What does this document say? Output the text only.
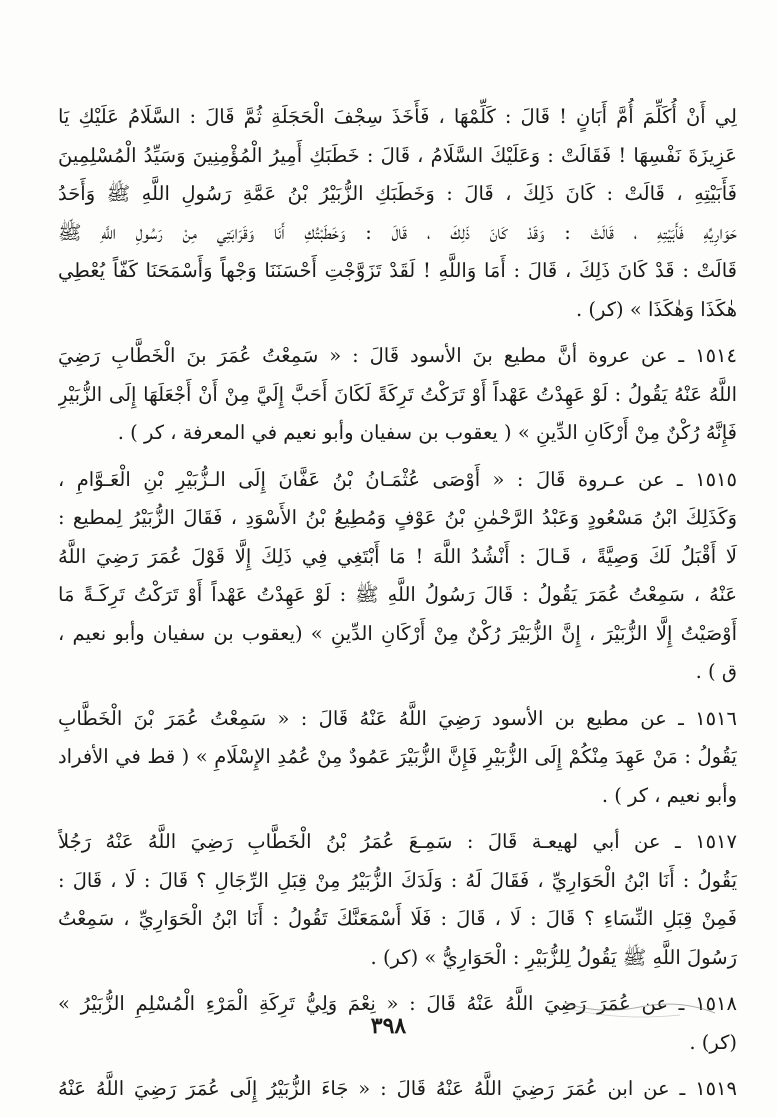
لِي أَنْ أُكَلِّمَ أُمَّ أَبَانٍ ! قَالَ : كَلِّمْهَا ، فَأَخَذَ سِجْفَ الْحَجَلَةِ ثُمَّ قَالَ : السَّلَامُ عَلَيْكِ يَا
عَزِيزَةَ نَفْسِهَا ! فَقَالَتْ : وَعَلَيْكَ السَّلَامُ ، قَالَ : خَطَبَكِ أَمِيرُ الْمُؤْمِنِينَ وَسَيِّدُ الْمُسْلِمِينَ
فَأَبَيْتِهِ ، قَالَتْ : كَانَ ذَلِكَ ، قَالَ : وَخَطَبَكِ الزُّبَيْرُ بْنُ عَمَّةِ رَسُولِ اللَّهِ ﷺ وَأَحَدُ
حَوَارِيِّهِ فَأَبَيْتِهِ ، قَالَتْ : وَقَدْ كَانَ ذَلِكَ ، قَالَ : وَخَطَبْتُكِ أَنَا وَقَرَابَتِي مِنْ رَسُولِ اللَّهِ ﷺ
قَالَتْ : قَدْ كَانَ ذَلِكَ ، قَالَ : أَمَا وَاللَّهِ ! لَقَدْ تَزَوَّجْتِ أَحْسَنَنَا وَجْهاً وَأَسْمَحَنَا كَفّاً يُعْطِي
هٰكَذَا وَهٰكَذَا » (كر) .
١٥١٤ ـ عن عروة أنَّ مطيع بنَ الأسود قَالَ : « سَمِعْتُ عُمَرَ بنَ الْخَطَّابِ رَضِيَ
اللَّهُ عَنْهُ يَقُولُ : لَوْ عَهِدْتُ عَهْداً أَوْ تَرَكْتُ تَرِكَةً لَكَانَ أَحَبَّ إِلَيَّ مِنْ أَنْ أَجْعَلَهَا إِلَى الزُّبَيْرِ
فَإِنَّهُ رُكْنٌ مِنْ أَرْكَانِ الدِّينِ » ( يعقوب بن سفيان وأبو نعيم في المعرفة ، كر ) .
١٥١٥ ـ عن عـروة قَالَ : « أَوْصَى عُثْمَـانُ بْنُ عَفَّانَ إِلَى الـزُّبَيْرِ بْنِ الْعَـوَّامِ ،
وَكَذَلِكَ ابْنُ مَسْعُودٍ وَعَبْدُ الرَّحْمٰنِ بْنُ عَوْفٍ وَمُطِيعُ بْنُ الأَسْوَدِ ، فَقَالَ الزُّبَيْرُ لِمطيع :
لَا أَقْبَلُ لَكَ وَصِيَّةً ، قَـالَ : أَنْشُدُ اللَّهَ ! مَا أَبْتَغِي فِي ذَلِكَ إِلَّا قَوْلَ عُمَرَ رَضِيَ اللَّهُ
عَنْهُ ، سَمِعْتُ عُمَرَ يَقُولُ : قَالَ رَسُولُ اللَّهِ ﷺ : لَوْ عَهِدْتُ عَهْداً أَوْ تَرَكْتُ تَرِكَـةً مَا
أَوْصَيْتُ إِلَّا الزُّبَيْرَ ، إِنَّ الزُّبَيْرَ رُكْنٌ مِنْ أَرْكَانِ الدِّينِ » (يعقوب بن سفيان وأبو نعيم ،
ق ) .
١٥١٦ ـ عن مطيع بن الأسود رَضِيَ اللَّهُ عَنْهُ قَالَ : « سَمِعْتُ عُمَرَ بْنَ الْخَطَّابِ
يَقُولُ : مَنْ عَهِدَ مِنْكُمْ إِلَى الزُّبَيْرِ فَإِنَّ الزُّبَيْرَ عَمُودٌ مِنْ عُمُدِ الإِسْلَامِ » ( قط في الأفراد
وأبو نعيم ، كر ) .
١٥١٧ ـ عن أبي لهيعـة قَالَ : سَمِـعَ عُمَرُ بْنُ الْخَطَّابِ رَضِيَ اللَّهُ عَنْهُ رَجُلاً
يَقُولُ : أَنَا ابْنُ الْحَوَارِيِّ ، فَقَالَ لَهُ : وَلَدَكَ الزُّبَيْرُ مِنْ قِبَلِ الرِّجَالِ ؟ قَالَ : لَا ، قَالَ :
فَمِنْ قِبَلِ النِّسَاءِ ؟ قَالَ : لَا ، قَالَ : فَلَا أَسْمَعَنَّكَ تَقُولُ : أَنَا ابْنُ الْحَوَارِيِّ ، سَمِعْتُ
رَسُولَ اللَّهِ ﷺ يَقُولُ لِلزُّبَيْرِ : الْحَوَارِيُّ » (كر) .
١٥١٨ ـ عن عُمَرَ رَضِيَ اللَّهُ عَنْهُ قَالَ : « نِعْمَ وَلِيُّ تَرِكَةِ الْمَرْءِ الْمُسْلِمِ الزُّبَيْرُ »
(كر) .
١٥١٩ ـ عن ابن عُمَرَ رَضِيَ اللَّهُ عَنْهُ قَالَ : « جَاءَ الزُّبَيْرُ إِلَى عُمَرَ رَضِيَ اللَّهُ عَنْهُ
٣٩٨
